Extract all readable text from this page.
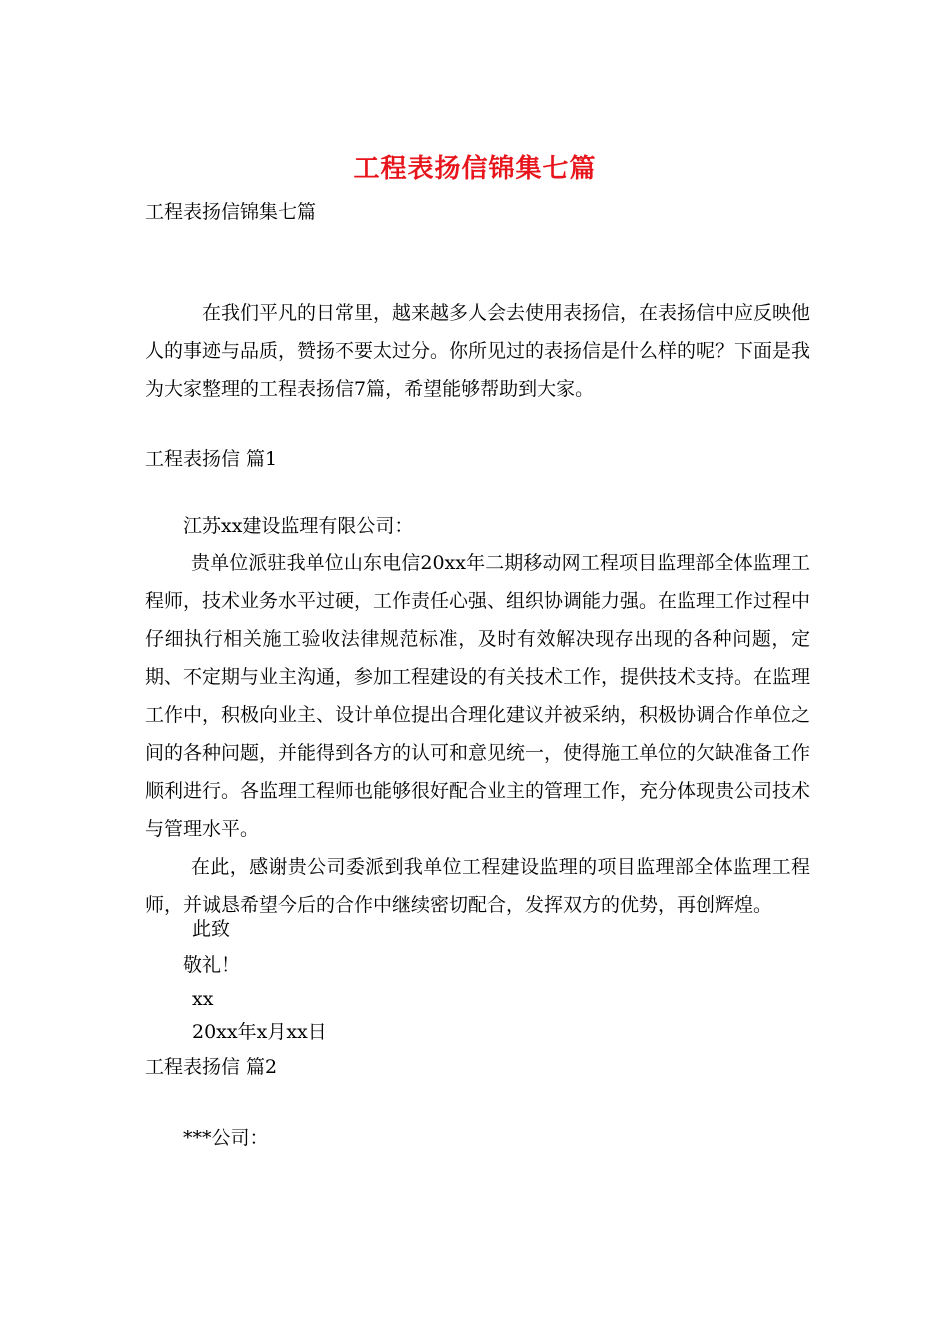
工程表扬信锦集七篇
工程表扬信锦集七篇

在我们平凡的日常里，越来越多人会去使用表扬信，在表扬信中应反映他人的事迹与品质，赞扬不要太过分。你所见过的表扬信是什么样的呢？下面是我为大家整理的工程表扬信7篇，希望能够帮助到大家。

工程表扬信 篇1
江苏xx建设监理有限公司：

贵单位派驻我单位山东电信20xx年二期移动网工程项目监理部全体监理工程师，技术业务水平过硬，工作责任心强、组织协调能力强。在监理工作过程中仔细执行相关施工验收法律规范标准，及时有效解决现存出现的各种问题，定期、不定期与业主沟通，参加工程建设的有关技术工作，提供技术支持。在监理工作中，积极向业主、设计单位提出合理化建议并被采纳，积极协调合作单位之间的各种问题，并能得到各方的认可和意见统一，使得施工单位的欠缺准备工作顺利进行。各监理工程师也能够很好配合业主的管理工作，充分体现贵公司技术与管理水平。

在此，感谢贵公司委派到我单位工程建设监理的项目监理部全体监理工程师，并诚恳希望今后的合作中继续密切配合，发挥双方的优势，再创辉煌。

此致
敬礼！
xx
20xx年x月xx日
工程表扬信 篇2
***公司：
